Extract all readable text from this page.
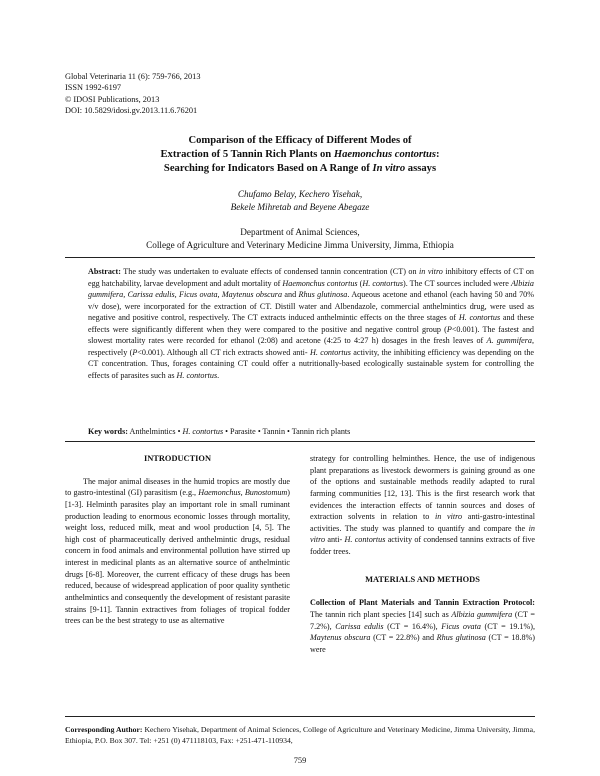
Global Veterinaria 11 (6): 759-766, 2013
ISSN 1992-6197
© IDOSI Publications, 2013
DOI: 10.5829/idosi.gv.2013.11.6.76201
Comparison of the Efficacy of Different Modes of
Extraction of 5 Tannin Rich Plants on Haemonchus contortus:
Searching for Indicators Based on A Range of In vitro assays
Chufamo Belay, Kechero Yisehak,
Bekele Mihretab and Beyene Abegaze
Department of Animal Sciences,
College of Agriculture and Veterinary Medicine Jimma University, Jimma, Ethiopia
Abstract: The study was undertaken to evaluate effects of condensed tannin concentration (CT) on in vitro inhibitory effects of CT on egg hatchability, larvae development and adult mortality of Haemonchus contortus (H. contortus). The CT sources included were Albizia gummifera, Carissa edulis, Ficus ovata, Maytenus obscura and Rhus glutinosa. Aqueous acetone and ethanol (each having 50 and 70% v/v dose), were incorporated for the extraction of CT. Distill water and Albendazole, commercial anthelmintics drug, were used as negative and positive control, respectively. The CT extracts induced anthelmintic effects on the three stages of H. contortus and these effects were significantly different when they were compared to the positive and negative control group (P<0.001). The fastest and slowest mortality rates were recorded for ethanol (2:08) and acetone (4:25 to 4:27 h) dosages in the fresh leaves of A. gummifera, respectively (P<0.001). Although all CT rich extracts showed anti- H. contortus activity, the inhibiting efficiency was depending on the CT concentration. Thus, forages containing CT could offer a nutritionally-based ecologically sustainable system for controlling the effects of parasites such as H. contortus.
Key words: Anthelmintics • H. contortus • Parasite • Tannin • Tannin rich plants
INTRODUCTION
The major animal diseases in the humid tropics are mostly due to gastro-intestinal (GI) parasitism (e.g., Haemonchus, Bunostomum) [1-3]. Helminth parasites play an important role in small ruminant production leading to enormous economic losses through mortality, weight loss, reduced milk, meat and wool production [4, 5]. The high cost of pharmaceutically derived anthelmintic drugs, residual concern in food animals and environmental pollution have stirred up interest in medicinal plants as an alternative source of anthelmintic drugs [6-8]. Moreover, the current efficacy of these drugs has been reduced, because of widespread application of poor quality synthetic anthelmintics and consequently the development of resistant parasite strains [9-11]. Tannin extractives from foliages of tropical fodder trees can be the best strategy to use as alternative
strategy for controlling helminthes. Hence, the use of indigenous plant preparations as livestock dewormers is gaining ground as one of the options and sustainable methods readily adapted to rural farming communities [12, 13]. This is the first research work that evidences the interaction effects of tannin sources and doses of extraction solvents in relation to in vitro anti-gastro-intestinal activities. The study was planned to quantify and compare the in vitro anti- H. contortus activity of condensed tannins extracts of five fodder trees.
MATERIALS AND METHODS
Collection of Plant Materials and Tannin Extraction Protocol: The tannin rich plant species [14] such as Albizia gummifera (CT = 7.2%), Carissa edulis (CT = 16.4%), Ficus ovata (CT = 19.1%), Maytenus obscura (CT = 22.8%) and Rhus glutinosa (CT = 18.8%) were
Corresponding Author: Kechero Yisehak, Department of Animal Sciences, College of Agriculture and Veterinary Medicine, Jimma University, Jimma, Ethiopia, P.O. Box 307. Tel: +251 (0) 471118103, Fax: +251-471-110934,
759
